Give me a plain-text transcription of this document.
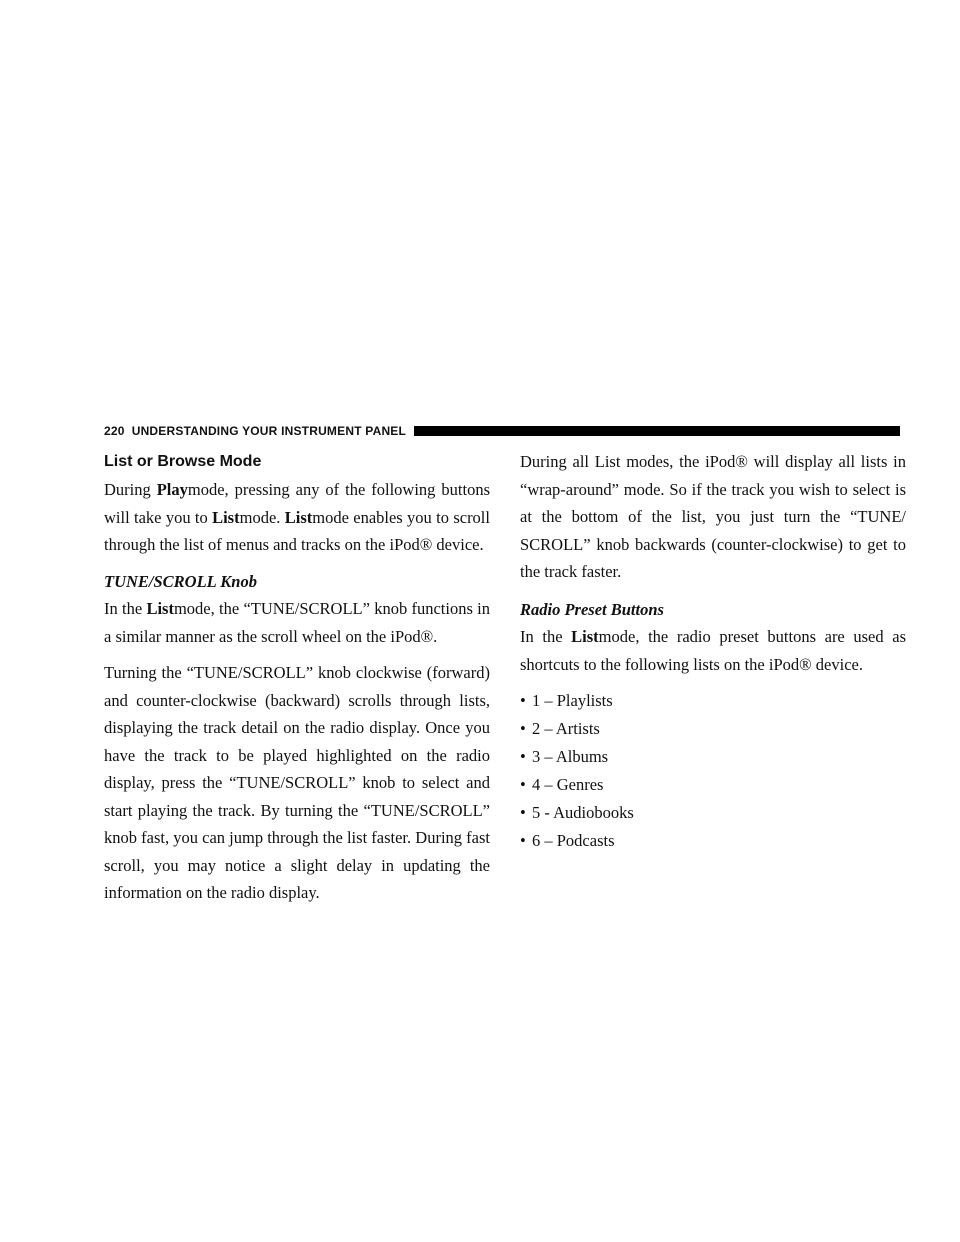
220 UNDERSTANDING YOUR INSTRUMENT PANEL
List or Browse Mode

During Playmode, pressing any of the following buttons will take you to Listmode. Listmode enables you to scroll through the list of menus and tracks on the iPod® device.

TUNE/SCROLL Knob

In the Listmode, the “TUNE/SCROLL” knob functions in a similar manner as the scroll wheel on the iPod®.

Turning the “TUNE/SCROLL” knob clockwise (forward) and counter-clockwise (backward) scrolls through lists, displaying the track detail on the radio display. Once you have the track to be played highlighted on the radio display, press the “TUNE/SCROLL” knob to select and start playing the track. By turning the “TUNE/SCROLL” knob fast, you can jump through the list faster. During fast scroll, you may notice a slight delay in updating the information on the radio display.

During all List modes, the iPod® will display all lists in “wrap-around” mode. So if the track you wish to select is at the bottom of the list, you just turn the “TUNE/ SCROLL” knob backwards (counter-clockwise) to get to the track faster.

Radio Preset Buttons

In the Listmode, the radio preset buttons are used as shortcuts to the following lists on the iPod® device.

• 1 – Playlists
• 2 – Artists
• 3 – Albums
• 4 – Genres
• 5 - Audiobooks
• 6 – Podcasts
